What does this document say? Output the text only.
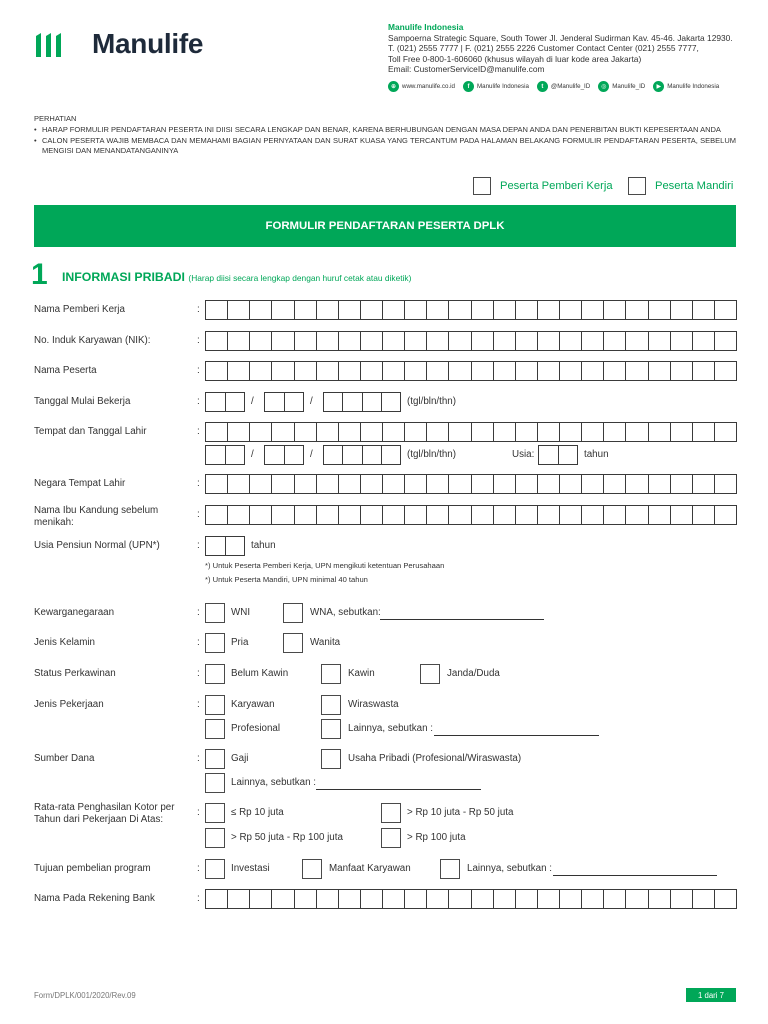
Manulife
Manulife Indonesia
Sampoerna Strategic Square, South Tower Jl. Jenderal Sudirman Kav. 45-46. Jakarta 12930.
T. (021) 2555 7777 | F. (021) 2555 2226 Customer Contact Center (021) 2555 7777,
Toll Free 0-800-1-606060 (khusus wilayah di luar kode area Jakarta)
Email: CustomerServiceID@manulife.com
⊕ www.manulife.co.id	f	Manulife Indonesia	t	@Manulife_ID	◎ Manulife_ID	▶ Manulife Indonesia
PERHATIAN
• HARAP FORMULIR PENDAFTARAN PESERTA INI DIISI SECARA LENGKAP DAN BENAR, KARENA BERHUBUNGAN DENGAN MASA DEPAN ANDA DAN PENERBITAN BUKTI KEPESERTAAN ANDA
• CALON PESERTA WAJIB MEMBACA DAN MEMAHAMI BAGIAN PERNYATAAN DAN SURAT KUASA YANG TERCANTUM PADA HALAMAN BELAKANG FORMULIR PENDAFTARAN PESERTA, SEBELUM MENGISI DAN MENANDATANGANINYA
Peserta Pemberi Kerja	Peserta Mandiri
FORMULIR PENDAFTARAN PESERTA DPLK
1 INFORMASI PRIBADI (Harap diisi secara lengkap dengan huruf cetak atau diketik)
Nama Pemberi Kerja	:
No. Induk Karyawan (NIK):	:
Nama Peserta	:
Tanggal Mulai Bekerja	:	/	/	(tgl/bln/thn)
Tempat dan Tanggal Lahir	:
/	/	(tgl/bln/thn)	Usia:	tahun
Negara Tempat Lahir	:
Nama Ibu Kandung sebelum menikah:
:
Usia Pensiun Normal (UPN*)	:	tahun
*) Untuk Peserta Pemberi Kerja, UPN mengikuti ketentuan Perusahaan
*) Untuk Peserta Mandiri, UPN minimal 40 tahun
Kewarganegaraan	:	WNI	WNA, sebutkan:
Jenis Kelamin	:	Pria	Wanita
Status Perkawinan	:	Belum Kawin	Kawin	Janda/Duda
Jenis Pekerjaan	:	Karyawan	Wiraswasta
Profesional	Lainnya, sebutkan :
Sumber Dana	:	Gaji	Usaha Pribadi (Profesional/Wiraswasta)
Lainnya, sebutkan :
Rata-rata Penghasilan Kotor per Tahun dari Pekerjaan Di Atas:
:	≤ Rp 10 juta	> Rp 10 juta - Rp 50 juta
> Rp 50 juta - Rp 100 juta	> Rp 100 juta
Tujuan pembelian program	:	Investasi	Manfaat Karyawan	Lainnya, sebutkan :
Nama Pada Rekening Bank	:
Form/DPLK/001/2020/Rev.09	1 dari 7
